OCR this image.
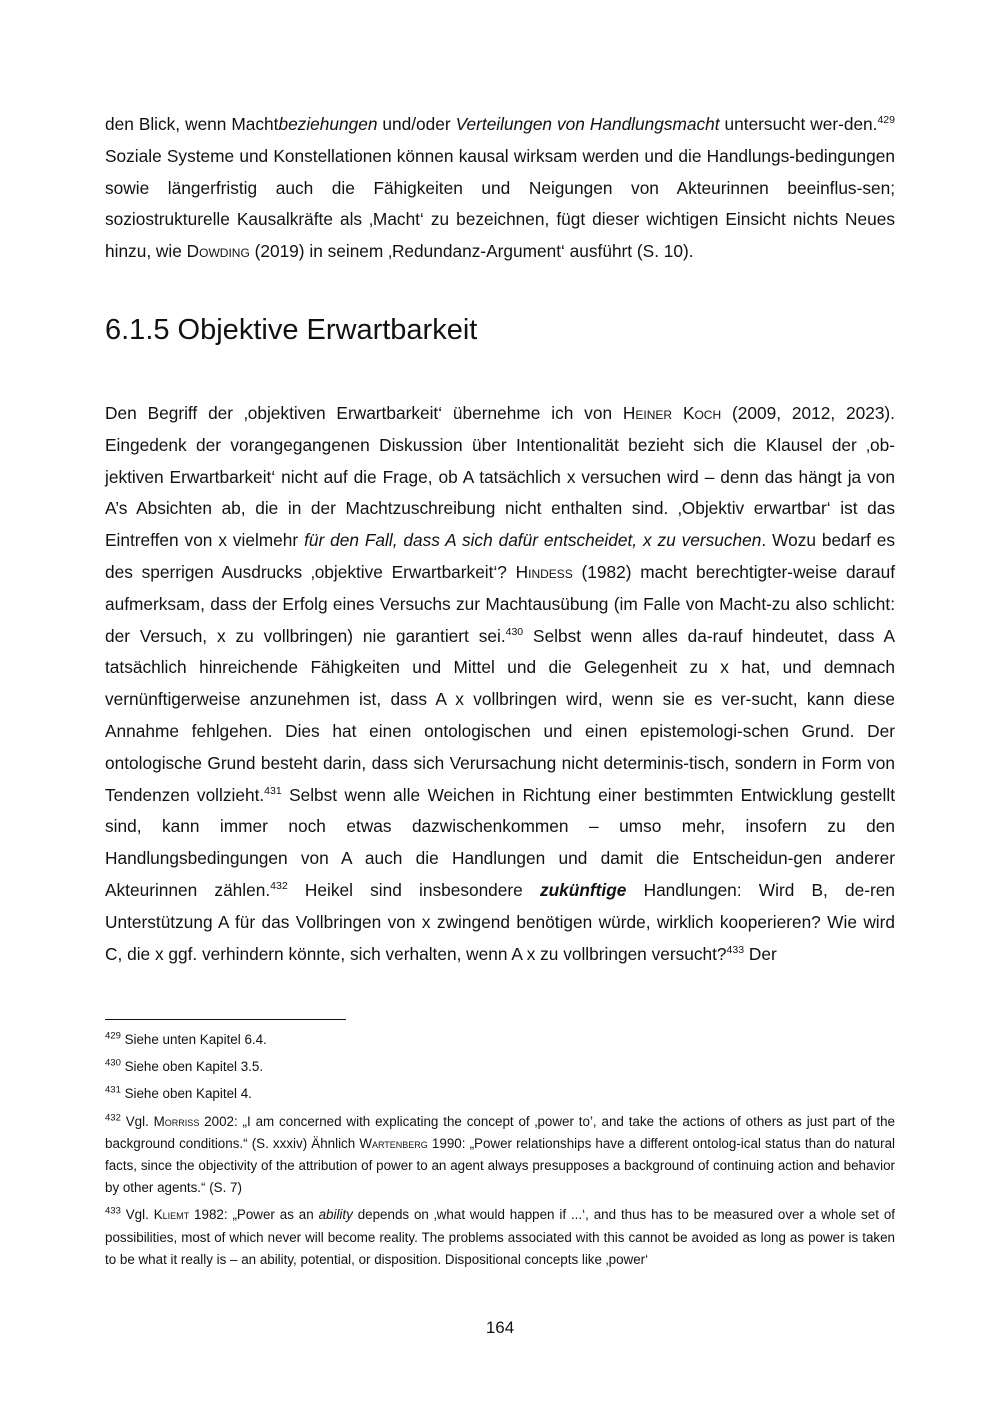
den Blick, wenn Machtbeziehungen und/oder Verteilungen von Handlungsmacht untersucht wer-den.$^{429}$ Soziale Systeme und Konstellationen können kausal wirksam werden und die Handlungs-bedingungen sowie längerfristig auch die Fähigkeiten und Neigungen von Akteurinnen beeinflus-sen; soziostrukturelle Kausalkräfte als ‚Macht‘ zu bezeichnen, fügt dieser wichtigen Einsicht nichts Neues hinzu, wie Dowding (2019) in seinem ‚Redundanz-Argument‘ ausführt (S. 10).

6.1.5 Objektive Erwartbarkeit

Den Begriff der ‚objektiven Erwartbarkeit‘ übernehme ich von Heiner Koch (2009, 2012, 2023). Eingedenk der vorangegangenen Diskussion über Intentionalität bezieht sich die Klausel der ‚ob-jektiven Erwartbarkeit‘ nicht auf die Frage, ob A tatsächlich x versuchen wird – denn das hängt ja von A’s Absichten ab, die in der Machtzuschreibung nicht enthalten sind. ‚Objektiv erwartbar‘ ist das Eintreffen von x vielmehr für den Fall, dass A sich dafür entscheidet, x zu versuchen. Wozu bedarf es des sperrigen Ausdrucks ‚objektive Erwartbarkeit‘? Hindess (1982) macht berechtigter-weise darauf aufmerksam, dass der Erfolg eines Versuchs zur Machtausübung (im Falle von Macht-zu also schlicht: der Versuch, x zu vollbringen) nie garantiert sei.$^{430}$ Selbst wenn alles da-rauf hindeutet, dass A tatsächlich hinreichende Fähigkeiten und Mittel und die Gelegenheit zu x hat, und demnach vernünftigerweise anzunehmen ist, dass A x vollbringen wird, wenn sie es ver-sucht, kann diese Annahme fehlgehen. Dies hat einen ontologischen und einen epistemologi-schen Grund. Der ontologische Grund besteht darin, dass sich Verursachung nicht determinis-tisch, sondern in Form von Tendenzen vollzieht.$^{431}$ Selbst wenn alle Weichen in Richtung einer bestimmten Entwicklung gestellt sind, kann immer noch etwas dazwischenkommen – umso mehr, insofern zu den Handlungsbedingungen von A auch die Handlungen und damit die Entscheidun-gen anderer Akteurinnen zählen.$^{432}$ Heikel sind insbesondere zukünftige Handlungen: Wird B, de-ren Unterstützung A für das Vollbringen von x zwingend benötigen würde, wirklich kooperieren? Wie wird C, die x ggf. verhindern könnte, sich verhalten, wenn A x zu vollbringen versucht?$^{433}$ Der

$^{429}$ Siehe unten Kapitel 6.4.

$^{430}$ Siehe oben Kapitel 3.5.

$^{431}$ Siehe oben Kapitel 4.

$^{432}$ Vgl. Morriss 2002: „I am concerned with explicating the concept of ‚power to’, and take the actions of others as just part of the background conditions.“ (S. xxxiv) Ähnlich Wartenberg 1990: „Power relationships have a different ontolog-ical status than do natural facts, since the objectivity of the attribution of power to an agent always presupposes a background of continuing action and behavior by other agents.“ (S. 7)

$^{433}$ Vgl. Kliemt 1982: „Power as an ability depends on ‚what would happen if ...‘, and thus has to be measured over a whole set of possibilities, most of which never will become reality. The problems associated with this cannot be avoided as long as power is taken to be what it really is – an ability, potential, or disposition. Dispositional concepts like ‚power‘

164
